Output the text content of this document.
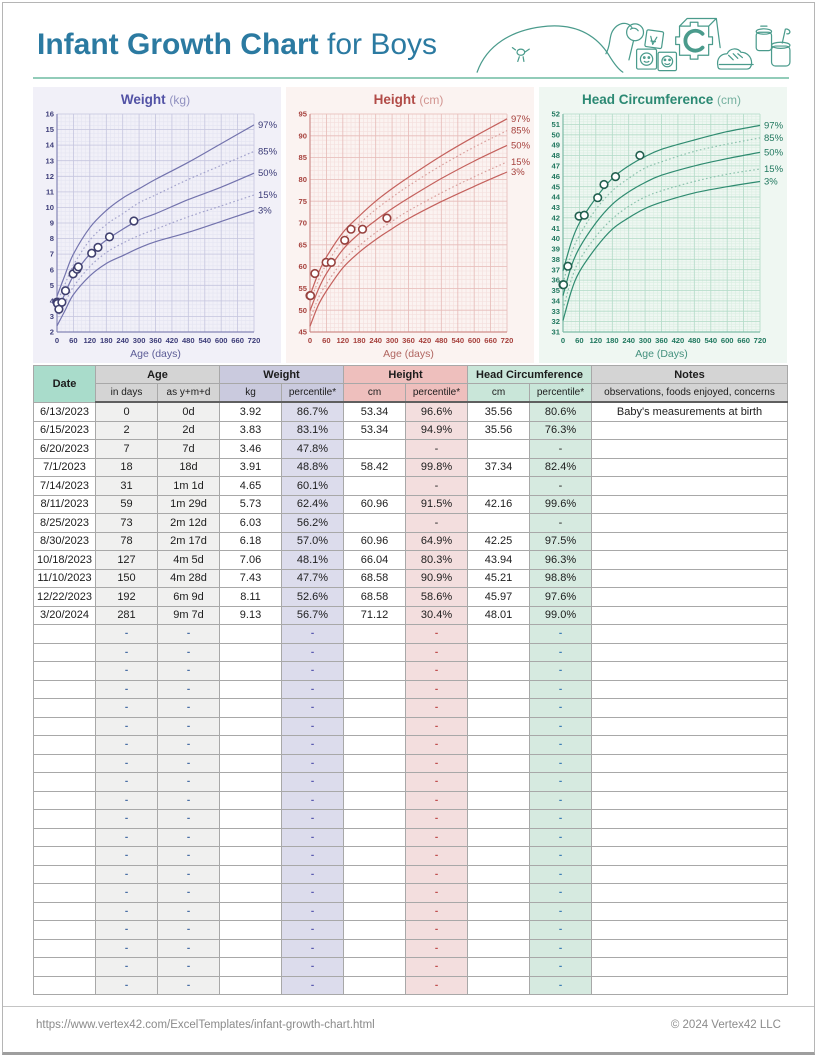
Infant Growth Chart for Boys
97%
85%
50%
15%
3%
2
3
4
5
6
7
8
9
10
11
12
13
14
15
16
0 60 120 180 240 300 360 420 480 540 600 660 720
Weight (kg)
Age (days)
97%
85%
50%
15%
3%
45
50
55
60
65
70
75
80
85
90
95
0 60 120 180 240 300 360 420 480 540 600 660 720
Height (cm)
Age (days)
97%
85%
50%
15%
3%
31
32
33
34
35
36
37
38
39
40
41
42
43
44
45
46
47
48
49
50
51
52
0 60 120 180 240 300 360 420 480 540 600 660 720
Head Circumference (cm)
Age (Days)
Date	Age		Weight		Height		Head Circumference		Notes
	in days	as y+m+d	kg	percentile*	cm	percentile*	cm	percentile*	observations, foods enjoyed, concerns
6/13/2023	0	0d	3.92	86.7%	53.34	96.6%	35.56	80.6%	Baby's measurements at birth
6/15/2023	2	2d	3.83	83.1%	53.34	94.9%	35.56	76.3%	
6/20/2023	7	7d	3.46	47.8%		-		-	
7/1/2023	18	18d	3.91	48.8%	58.42	99.8%	37.34	82.4%	
7/14/2023	31	1m 1d	4.65	60.1%		-		-	
8/11/2023	59	1m 29d	5.73	62.4%	60.96	91.5%	42.16	99.6%	
8/25/2023	73	2m 12d	6.03	56.2%		-		-	
8/30/2023	78	2m 17d	6.18	57.0%	60.96	64.9%	42.25	97.5%	
10/18/2023	127	4m 5d	7.06	48.1%	66.04	80.3%	43.94	96.3%	
11/10/2023	150	4m 28d	7.43	47.7%	68.58	90.9%	45.21	98.8%	
12/22/2023	192	6m 9d	8.11	52.6%	68.58	58.6%	45.97	97.6%	
3/20/2024	281	9m 7d	9.13	56.7%	71.12	30.4%	48.01	99.0%	
	-	-		-		-		-	
	-	-		-		-		-	
	-	-		-		-		-	
	-	-		-		-		-	
	-	-		-		-		-	
	-	-		-		-		-	
	-	-		-		-		-	
	-	-		-		-		-	
	-	-		-		-		-	
	-	-		-		-		-	
	-	-		-		-		-	
	-	-		-		-		-	
	-	-		-		-		-	
	-	-		-		-		-	
	-	-		-		-		-	
	-	-		-		-		-	
	-	-		-		-		-	
	-	-		-		-		-	
	-	-		-		-		-	
	-	-		-		-		-	
https://www.vertex42.com/ExcelTemplates/infant-growth-chart.html	© 2024 Vertex42 LLC
